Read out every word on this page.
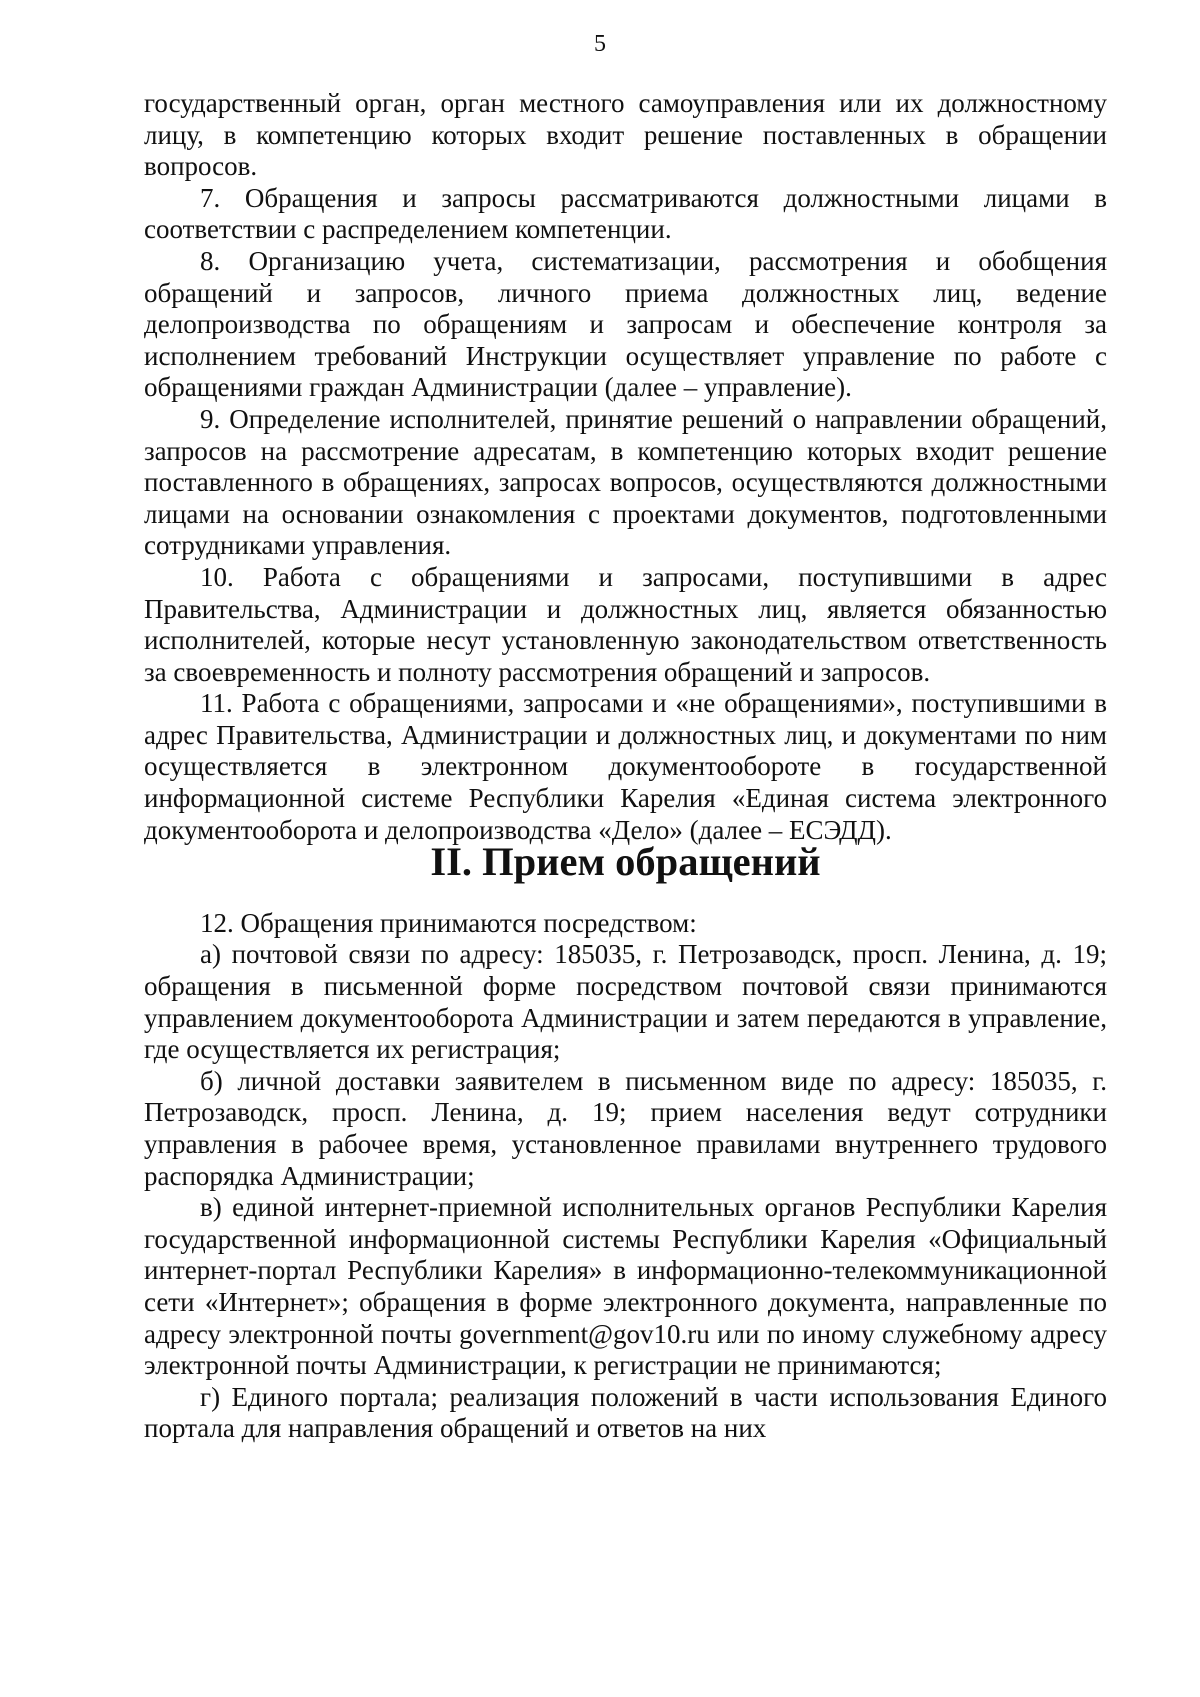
5

государственный орган, орган местного самоуправления или их должностному лицу, в компетенцию которых входит решение поставленных в обращении вопросов.

7. Обращения и запросы рассматриваются должностными лицами в соответствии с распределением компетенции.

8. Организацию учета, систематизации, рассмотрения и обобщения обращений и запросов, личного приема должностных лиц, ведение делопроизводства по обращениям и запросам и обеспечение контроля за исполнением требований Инструкции осуществляет управление по работе с обращениями граждан Администрации (далее – управление).

9. Определение исполнителей, принятие решений о направлении обращений, запросов на рассмотрение адресатам, в компетенцию которых входит решение поставленного в обращениях, запросах вопросов, осуществляются должностными лицами на основании ознакомления с проектами документов, подготовленными сотрудниками управления.

10. Работа с обращениями и запросами, поступившими в адрес Правительства, Администрации и должностных лиц, является обязанностью исполнителей, которые несут установленную законодательством ответственность за своевременность и полноту рассмотрения обращений и запросов.

11. Работа с обращениями, запросами и «не обращениями», поступившими в адрес Правительства, Администрации и должностных лиц, и документами по ним осуществляется в электронном документообороте в государственной информационной системе Республики Карелия «Единая система электронного документооборота и делопроизводства «Дело» (далее – ЕСЭДД).

II. Прием обращений

12. Обращения принимаются посредством:

а) почтовой связи по адресу: 185035, г. Петрозаводск, просп. Ленина, д. 19; обращения в письменной форме посредством почтовой связи принимаются управлением документооборота Администрации и затем передаются в управление, где осуществляется их регистрация;

б) личной доставки заявителем в письменном виде по адресу: 185035, г. Петрозаводск, просп. Ленина, д. 19; прием населения ведут сотрудники управления в рабочее время, установленное правилами внутреннего трудового распорядка Администрации;

в) единой интернет-приемной исполнительных органов Республики Карелия государственной информационной системы Республики Карелия «Официальный интернет-портал Республики Карелия» в информационно-телекоммуникационной сети «Интернет»; обращения в форме электронного документа, направленные по адресу электронной почты government@gov10.ru или по иному служебному адресу электронной почты Администрации, к регистрации не принимаются;

г) Единого портала; реализация положений в части использования Единого портала для направления обращений и ответов на них
